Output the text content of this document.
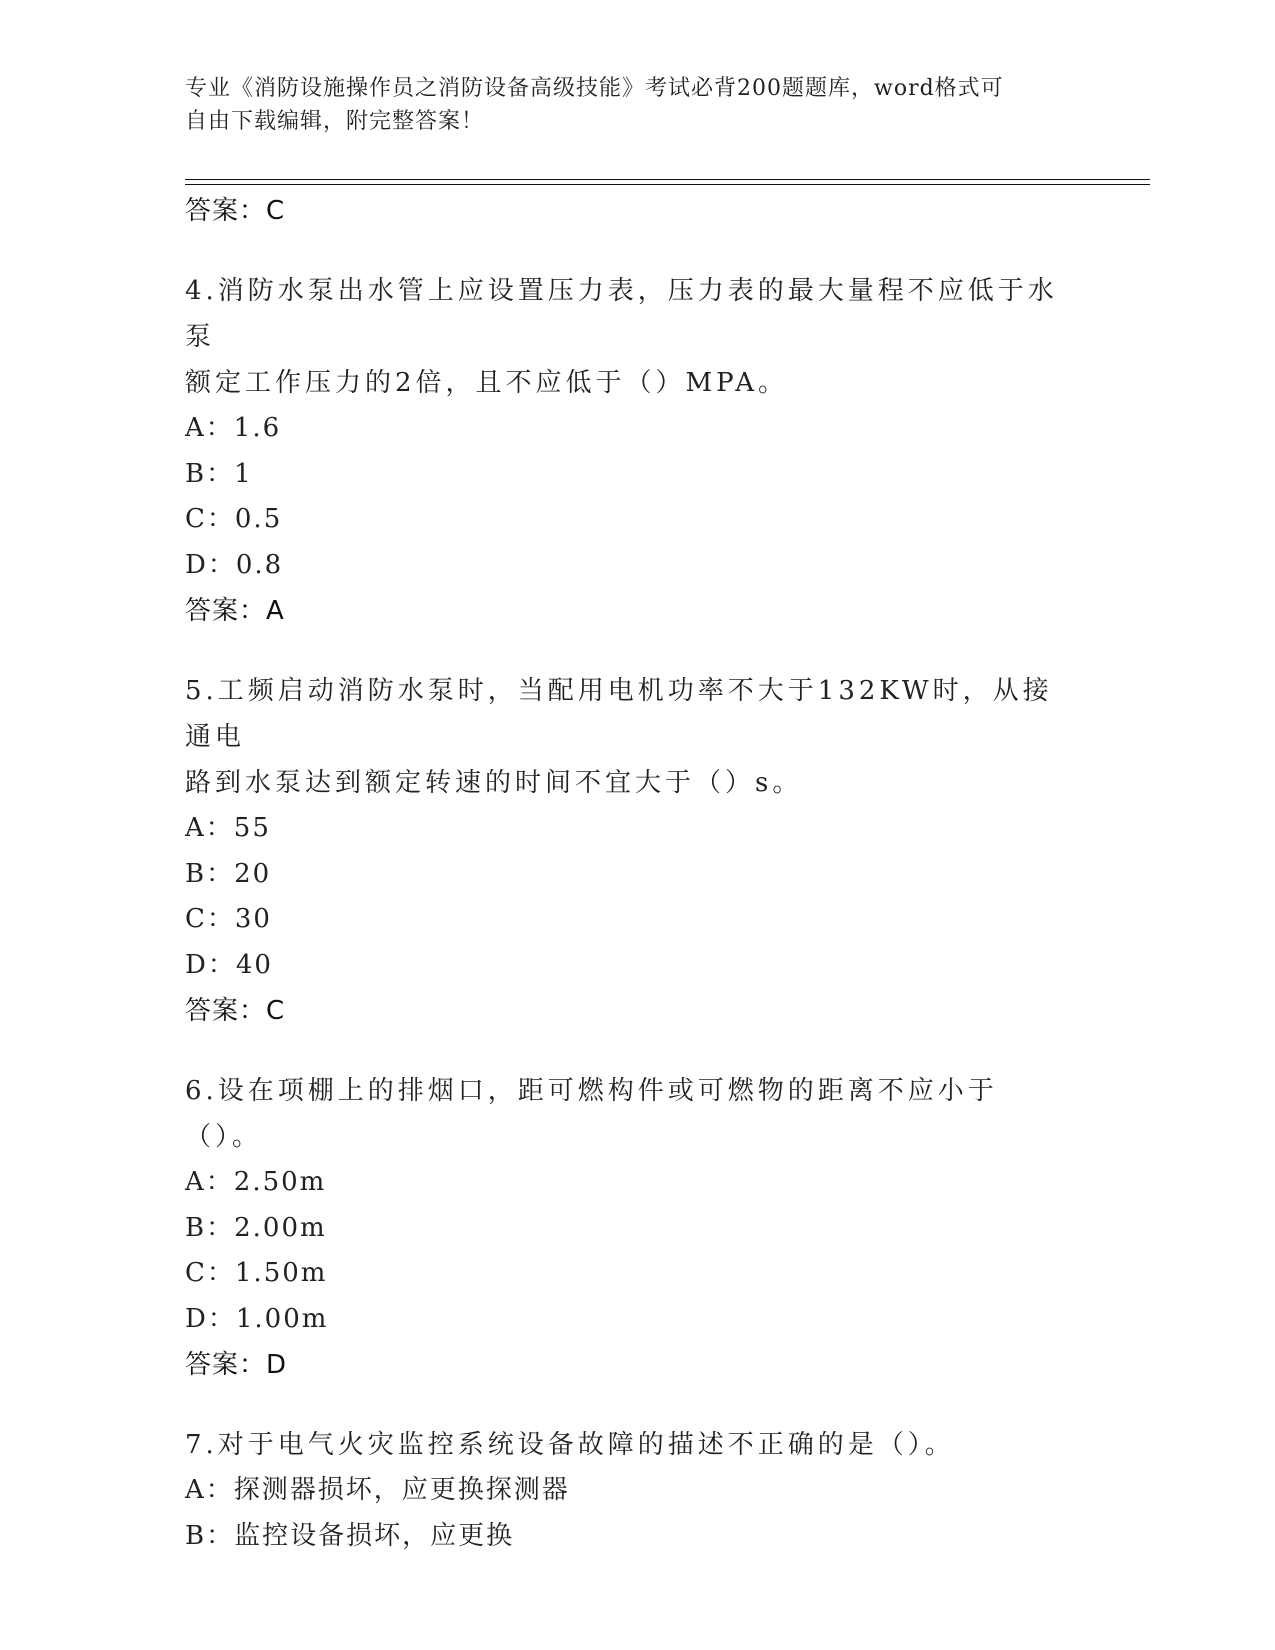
专业《消防设施操作员之消防设备高级技能》考试必背200题题库，word格式可
自由下载编辑，附完整答案！

答案：C

4.消防水泵出水管上应设置压力表，压力表的最大量程不应低于水泵

额定工作压力的2倍，且不应低于（）MPA。

A：1.6

B：1

C：0.5

D：0.8

答案：A

5.工频启动消防水泵时，当配用电机功率不大于132KW时，从接通电

路到水泵达到额定转速的时间不宜大于（）s。

A：55

B：20

C：30

D：40

答案：C

6.设在项棚上的排烟口，距可燃构件或可燃物的距离不应小于（）。

A：2.50m

B：2.00m

C：1.50m

D：1.00m

答案：D

7.对于电气火灾监控系统设备故障的描述不正确的是（）。

A：探测器损坏，应更换探测器

B：监控设备损坏，应更换
